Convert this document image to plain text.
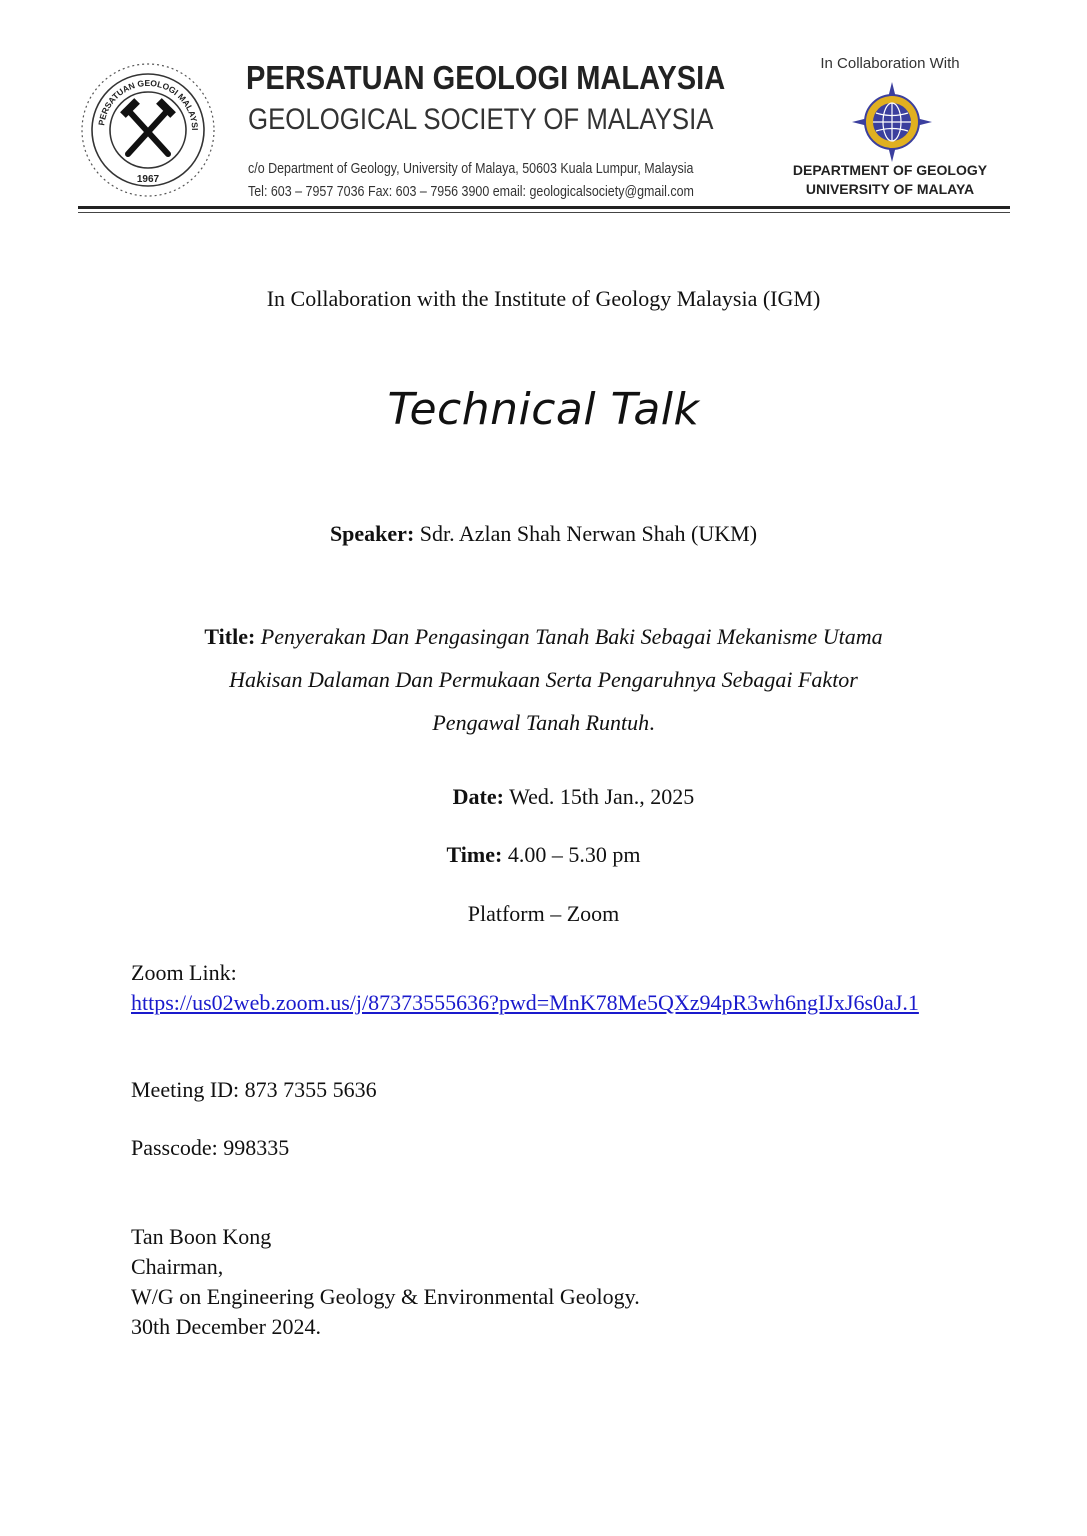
PERSATUAN GEOLOGI MALAYSI
1967
PERSATUAN GEOLOGI MALAYSIA
GEOLOGICAL SOCIETY OF MALAYSIA
c/o Department of Geology, University of Malaya, 50603 Kuala Lumpur, Malaysia
Tel: 603 – 7957 7036 Fax: 603 – 7956 3900 email: geologicalsociety@gmail.com
In Collaboration With
DEPARTMENT OF GEOLOGY
UNIVERSITY OF MALAYA
In Collaboration with the Institute of Geology Malaysia (IGM)
Technical Talk
Speaker: Sdr. Azlan Shah Nerwan Shah (UKM)
Title: Penyerakan Dan Pengasingan Tanah Baki Sebagai Mekanisme Utama
Hakisan Dalaman Dan Permukaan Serta Pengaruhnya Sebagai Faktor
Pengawal Tanah Runtuh.
Date: Wed. 15th Jan., 2025
Time: 4.00 – 5.30 pm
Platform – Zoom
Zoom Link:
https://us02web.zoom.us/j/87373555636?pwd=MnK78Me5QXz94pR3wh6ngIJxJ6s0aJ.1
Meeting ID: 873 7355 5636
Passcode: 998335
Tan Boon Kong
Chairman,
W/G on Engineering Geology & Environmental Geology.
30th December 2024.
